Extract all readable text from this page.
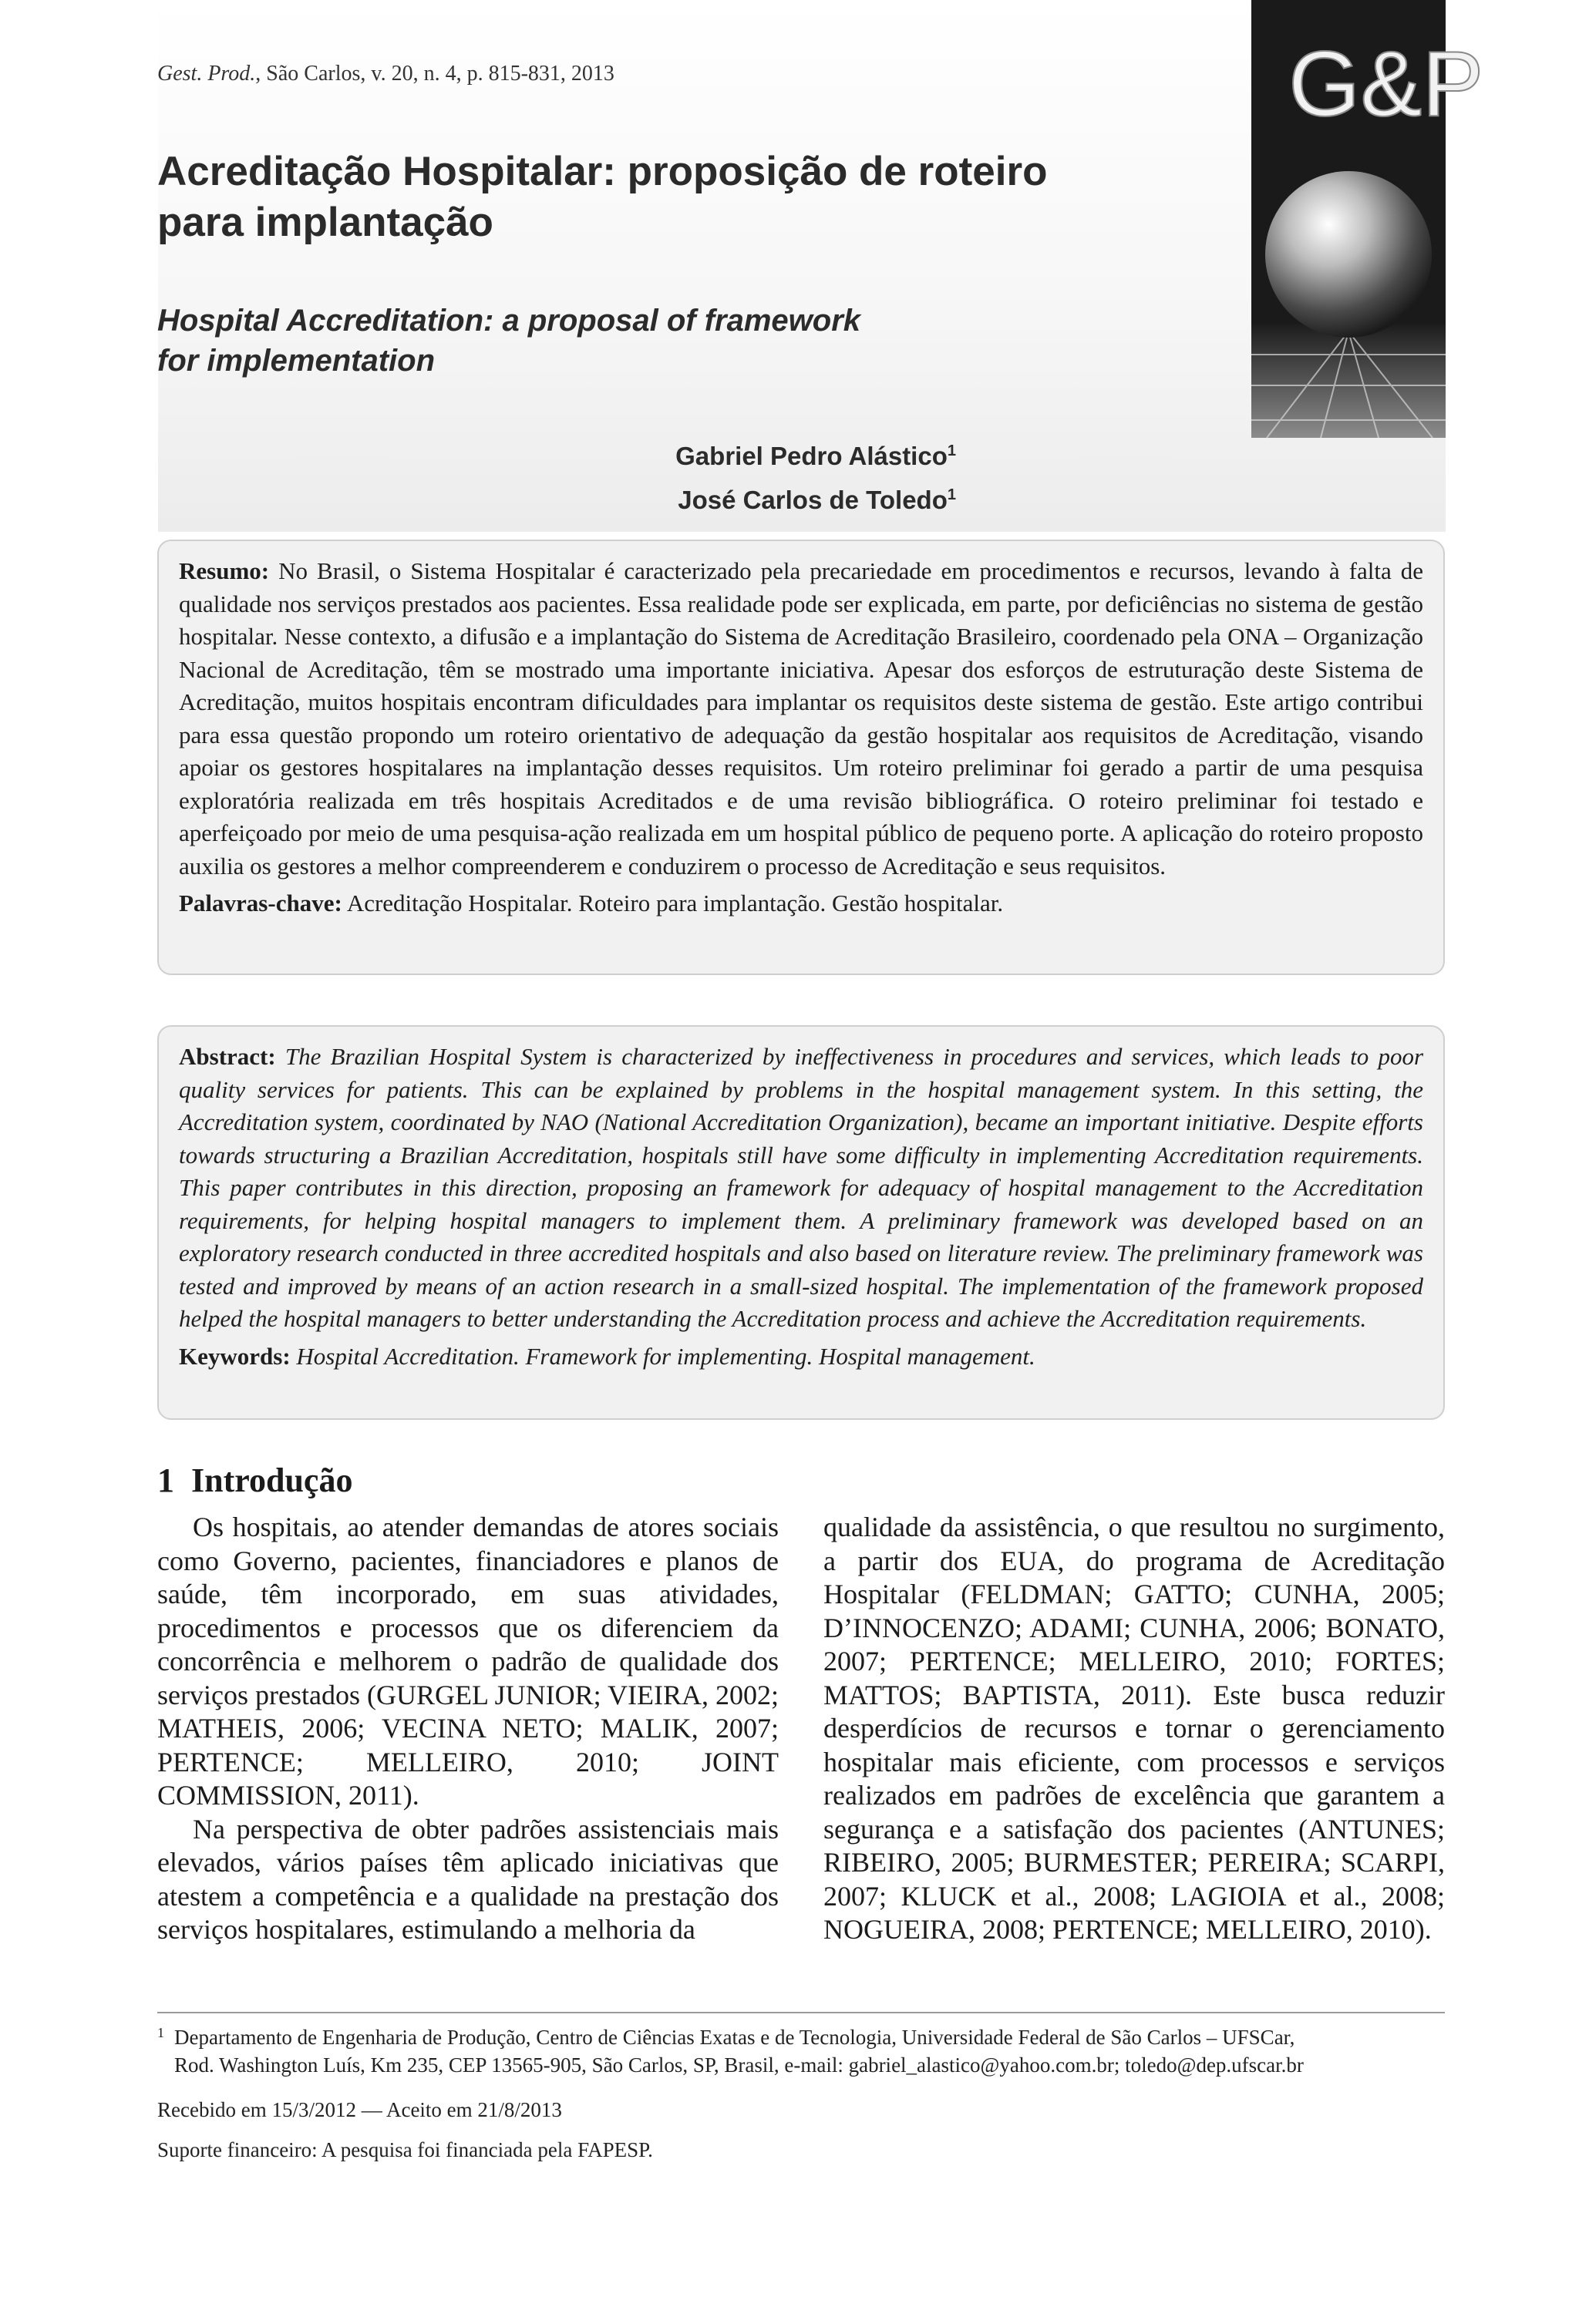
Gest. Prod., São Carlos, v. 20, n. 4, p. 815-831, 2013	G&P
Acreditação Hospitalar: proposição de roteiro
para implantação
Hospital Accreditation: a proposal of framework
for implementation
Gabriel Pedro Alástico$^1$
José Carlos de Toledo$^1$
Resumo: No Brasil, o Sistema Hospitalar é caracterizado pela precariedade em procedimentos e recursos, levando à falta de qualidade nos serviços prestados aos pacientes. Essa realidade pode ser explicada, em parte, por deficiências no sistema de gestão hospitalar. Nesse contexto, a difusão e a implantação do Sistema de Acreditação Brasileiro, coordenado pela ONA – Organização Nacional de Acreditação, têm se mostrado uma importante iniciativa. Apesar dos esforços de estruturação deste Sistema de Acreditação, muitos hospitais encontram dificuldades para implantar os requisitos deste sistema de gestão. Este artigo contribui para essa questão propondo um roteiro orientativo de adequação da gestão hospitalar aos requisitos de Acreditação, visando apoiar os gestores hospitalares na implantação desses requisitos. Um roteiro preliminar foi gerado a partir de uma pesquisa exploratória realizada em três hospitais Acreditados e de uma revisão bibliográfica. O roteiro preliminar foi testado e aperfeiçoado por meio de uma pesquisa-ação realizada em um hospital público de pequeno porte. A aplicação do roteiro proposto auxilia os gestores a melhor compreenderem e conduzirem o processo de Acreditação e seus requisitos.
Palavras-chave: Acreditação Hospitalar. Roteiro para implantação. Gestão hospitalar.
Abstract: The Brazilian Hospital System is characterized by ineffectiveness in procedures and services, which leads to poor quality services for patients. This can be explained by problems in the hospital management system. In this setting, the Accreditation system, coordinated by NAO (National Accreditation Organization), became an important initiative. Despite efforts towards structuring a Brazilian Accreditation, hospitals still have some difficulty in implementing Accreditation requirements. This paper contributes in this direction, proposing an framework for adequacy of hospital management to the Accreditation requirements, for helping hospital managers to implement them. A preliminary framework was developed based on an exploratory research conducted in three accredited hospitals and also based on literature review. The preliminary framework was tested and improved by means of an action research in a small-sized hospital. The implementation of the framework proposed helped the hospital managers to better understanding the Accreditation process and achieve the Accreditation requirements.
Keywords: Hospital Accreditation. Framework for implementing. Hospital management.
1 Introdução

Os hospitais, ao atender demandas de atores sociais como Governo, pacientes, financiadores e planos de saúde, têm incorporado, em suas atividades, procedimentos e processos que os diferenciem da concorrência e melhorem o padrão de qualidade dos serviços prestados (GURGEL JUNIOR; VIEIRA, 2002; MATHEIS, 2006; VECINA NETO; MALIK, 2007; PERTENCE; MELLEIRO, 2010; JOINT COMMISSION, 2011).

Na perspectiva de obter padrões assistenciais mais elevados, vários países têm aplicado iniciativas que atestem a competência e a qualidade na prestação dos serviços hospitalares, estimulando a melhoria da

qualidade da assistência, o que resultou no surgimento, a partir dos EUA, do programa de Acreditação Hospitalar (FELDMAN; GATTO; CUNHA, 2005; D’INNOCENZO; ADAMI; CUNHA, 2006; BONATO, 2007; PERTENCE; MELLEIRO, 2010; FORTES; MATTOS; BAPTISTA, 2011). Este busca reduzir desperdícios de recursos e tornar o gerenciamento hospitalar mais eficiente, com processos e serviços realizados em padrões de excelência que garantem a segurança e a satisfação dos pacientes (ANTUNES; RIBEIRO, 2005; BURMESTER; PEREIRA; SCARPI, 2007; KLUCK et al., 2008; LAGIOIA et al., 2008; NOGUEIRA, 2008; PERTENCE; MELLEIRO, 2010).

1 Departamento de Engenharia de Produção, Centro de Ciências Exatas e de Tecnologia, Universidade Federal de São Carlos – UFSCar,
Rod. Washington Luís, Km 235, CEP 13565-905, São Carlos, SP, Brasil, e-mail: gabriel_alastico@yahoo.com.br; toledo@dep.ufscar.br
Recebido em 15/3/2012 — Aceito em 21/8/2013
Suporte financeiro: A pesquisa foi financiada pela FAPESP.
